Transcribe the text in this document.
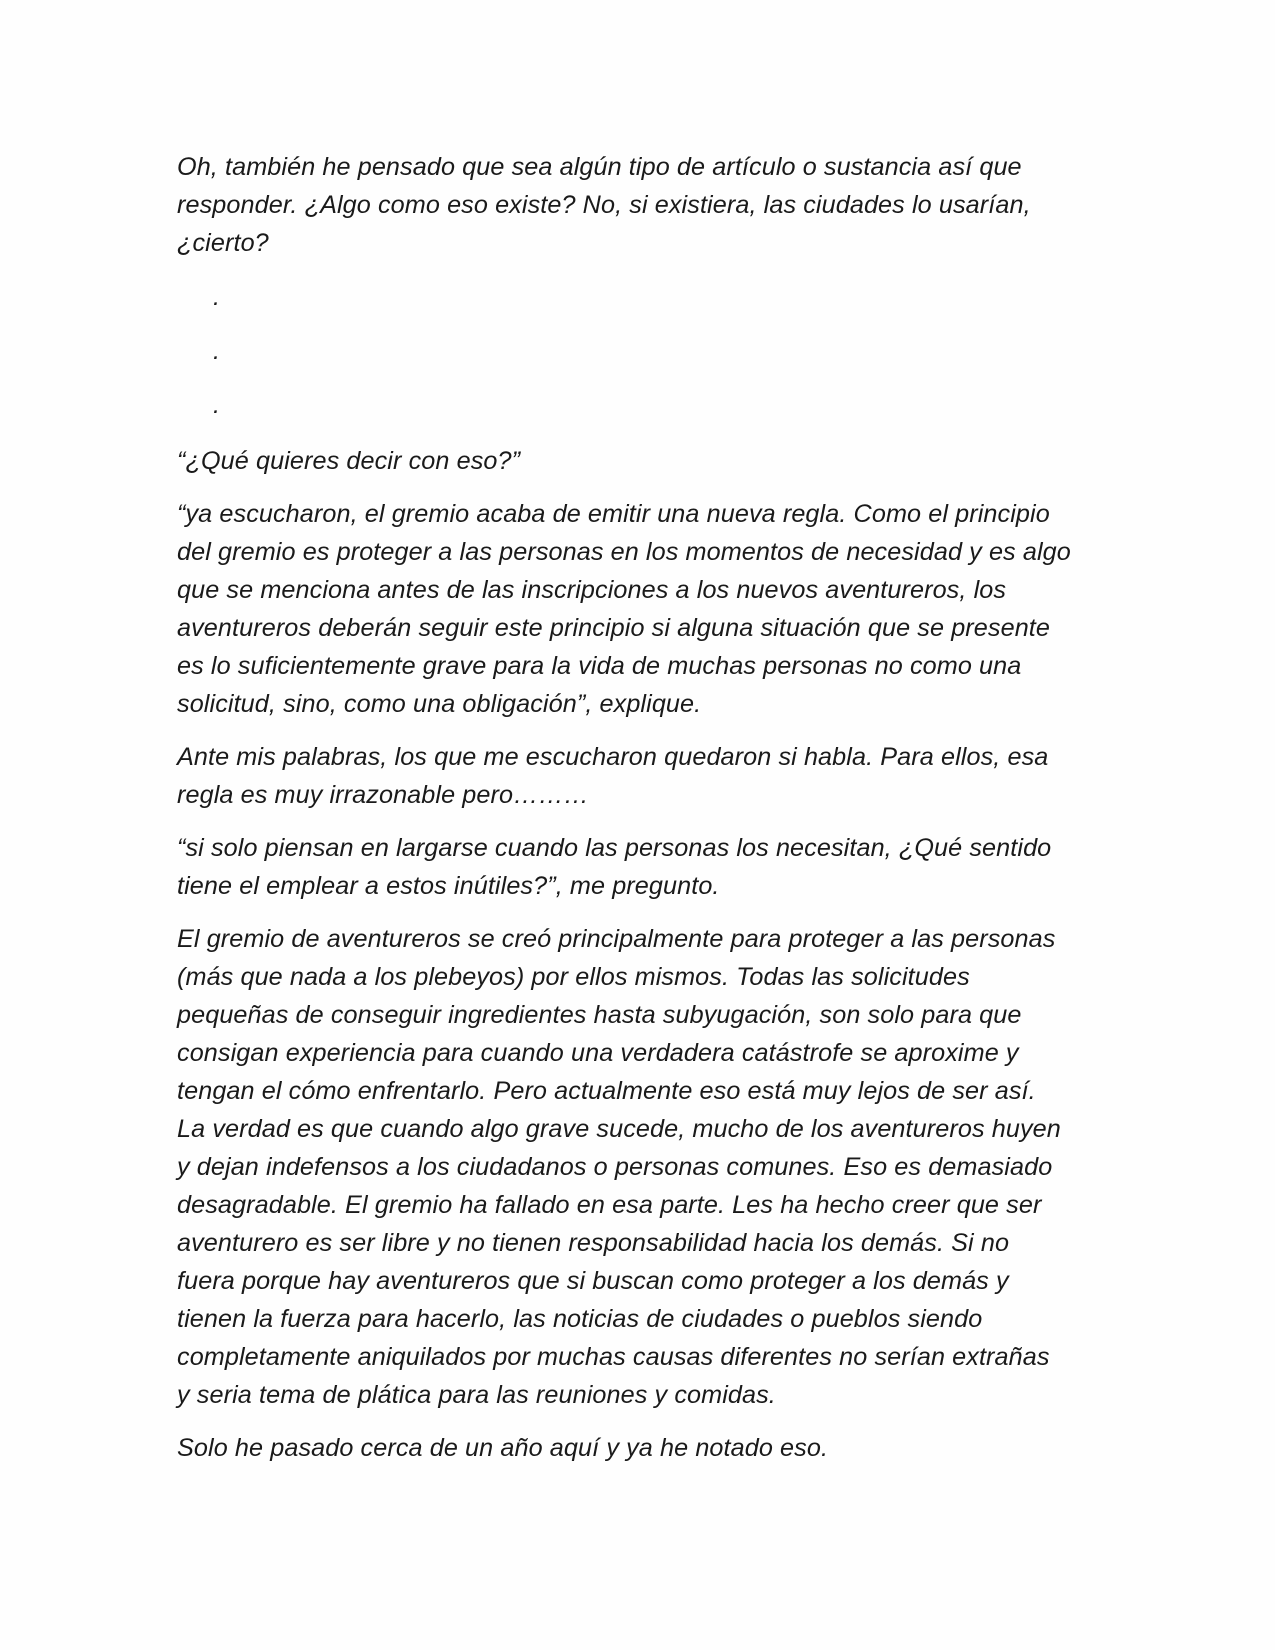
Oh, también he pensado que sea algún tipo de artículo o sustancia así que
responder. ¿Algo como eso existe? No, si existiera, las ciudades lo usarían,
¿cierto?
.
.
.
“¿Qué quieres decir con eso?”
“ya escucharon, el gremio acaba de emitir una nueva regla. Como el principio
del gremio es proteger a las personas en los momentos de necesidad y es algo
que se menciona antes de las inscripciones a los nuevos aventureros, los
aventureros deberán seguir este principio si alguna situación que se presente
es lo suficientemente grave para la vida de muchas personas no como una
solicitud, sino, como una obligación”, explique.
Ante mis palabras, los que me escucharon quedaron si habla. Para ellos, esa
regla es muy irrazonable pero………
“si solo piensan en largarse cuando las personas los necesitan, ¿Qué sentido
tiene el emplear a estos inútiles?”, me pregunto.
El gremio de aventureros se creó principalmente para proteger a las personas
(más que nada a los plebeyos) por ellos mismos. Todas las solicitudes
pequeñas de conseguir ingredientes hasta subyugación, son solo para que
consigan experiencia para cuando una verdadera catástrofe se aproxime y
tengan el cómo enfrentarlo. Pero actualmente eso está muy lejos de ser así.
La verdad es que cuando algo grave sucede, mucho de los aventureros huyen
y dejan indefensos a los ciudadanos o personas comunes. Eso es demasiado
desagradable. El gremio ha fallado en esa parte. Les ha hecho creer que ser
aventurero es ser libre y no tienen responsabilidad hacia los demás. Si no
fuera porque hay aventureros que si buscan como proteger a los demás y
tienen la fuerza para hacerlo, las noticias de ciudades o pueblos siendo
completamente aniquilados por muchas causas diferentes no serían extrañas
y seria tema de plática para las reuniones y comidas.
Solo he pasado cerca de un año aquí y ya he notado eso.
